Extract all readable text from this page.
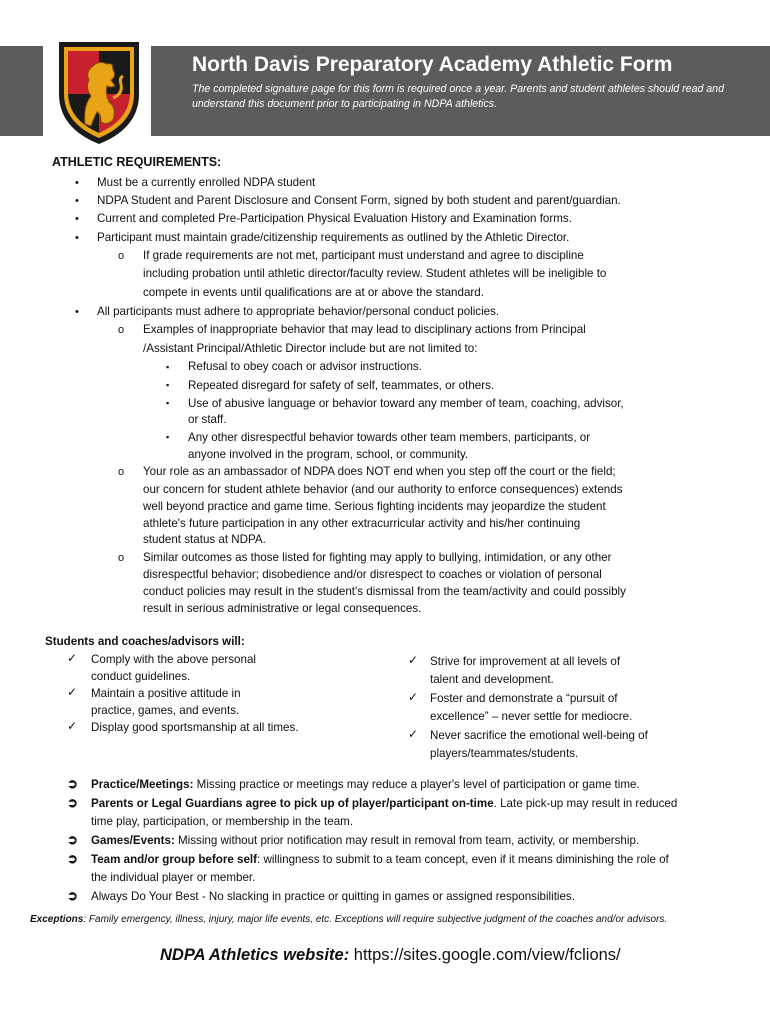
North Davis Preparatory Academy Athletic Form
The completed signature page for this form is required once a year. Parents and student athletes should read and understand this document prior to participating in NDPA athletics.
ATHLETIC REQUIREMENTS:
• Must be a currently enrolled NDPA student
• NDPA Student and Parent Disclosure and Consent Form, signed by both student and parent/guardian.
• Current and completed Pre-Participation Physical Evaluation History and Examination forms.
• Participant must maintain grade/citizenship requirements as outlined by the Athletic Director.
o If grade requirements are not met, participant must understand and agree to discipline
including probation until athletic director/faculty review. Student athletes will be ineligible to
compete in events until qualifications are at or above the standard.
• All participants must adhere to appropriate behavior/personal conduct policies.
o Examples of inappropriate behavior that may lead to disciplinary actions from Principal
/Assistant Principal/Athletic Director include but are not limited to:
▪ Refusal to obey coach or advisor instructions.
▪ Repeated disregard for safety of self, teammates, or others.
▪ Use of abusive language or behavior toward any member of team, coaching, advisor,
or staff.
▪ Any other disrespectful behavior towards other team members, participants, or
anyone involved in the program, school, or community.
o Your role as an ambassador of NDPA does NOT end when you step off the court or the field;
our concern for student athlete behavior (and our authority to enforce consequences) extends
well beyond practice and game time. Serious fighting incidents may jeopardize the student
athlete's future participation in any other extracurricular activity and his/her continuing
student status at NDPA.
o Similar outcomes as those listed for fighting may apply to bullying, intimidation, or any other
disrespectful behavior; disobedience and/or disrespect to coaches or violation of personal
conduct policies may result in the student's dismissal from the team/activity and could possibly
result in serious administrative or legal consequences.
Students and coaches/advisors will:
✓ Comply with the above personal
conduct guidelines.
✓ Maintain a positive attitude in
practice, games, and events.
✓ Display good sportsmanship at all times.
✓ Strive for improvement at all levels of
talent and development.
✓ Foster and demonstrate a “pursuit of
excellence” – never settle for mediocre.
✓ Never sacrifice the emotional well-being of
players/teammates/students.
➲ Practice/Meetings: Missing practice or meetings may reduce a player's level of participation or game time.
➲ Parents or Legal Guardians agree to pick up of player/participant on-time. Late pick-up may result in reduced
time play, participation, or membership in the team.
➲ Games/Events: Missing without prior notification may result in removal from team, activity, or membership.
➲ Team and/or group before self: willingness to submit to a team concept, even if it means diminishing the role of
the individual player or member.
➲ Always Do Your Best - No slacking in practice or quitting in games or assigned responsibilities.
Exceptions: Family emergency, illness, injury, major life events, etc. Exceptions will require subjective judgment of the coaches and/or advisors.
NDPA Athletics website: https://sites.google.com/view/fclions/
